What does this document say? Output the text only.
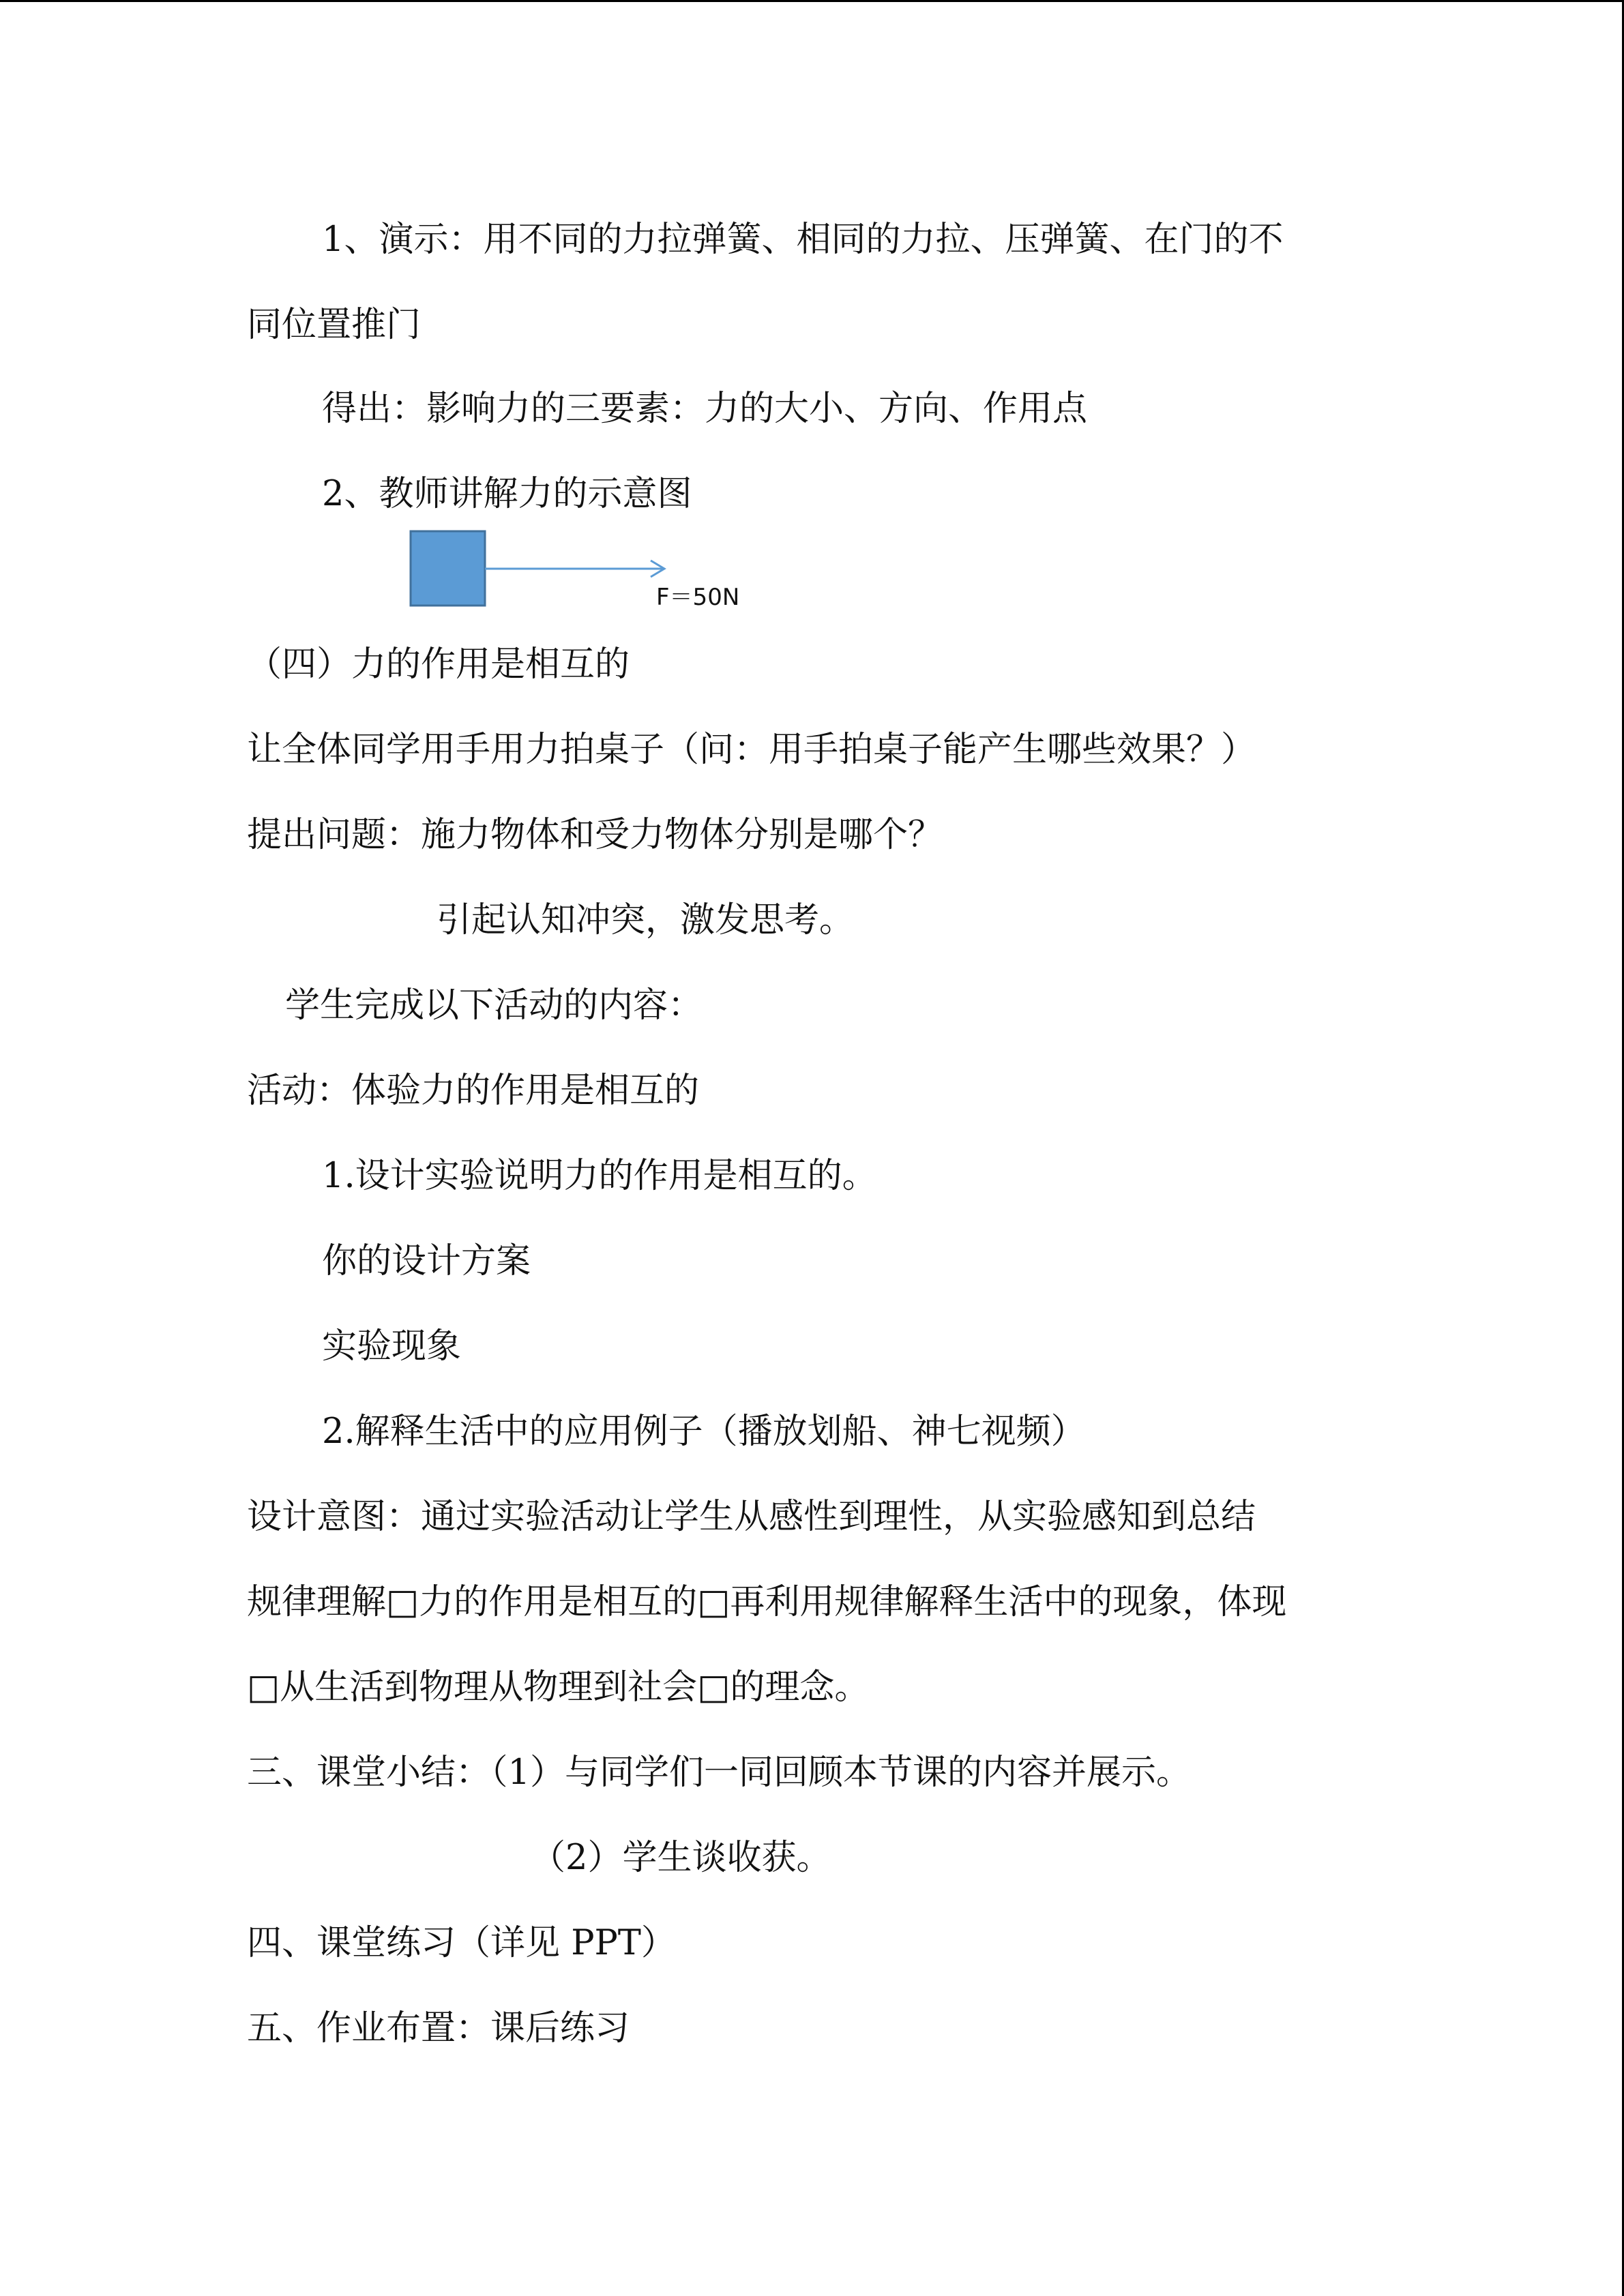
1、演示：用不同的力拉弹簧、相同的力拉、压弹簧、在门的不
同位置推门
得出：影响力的三要素：力的大小、方向、作用点
2、教师讲解力的示意图
F＝50N
（四）力的作用是相互的
让全体同学用手用力拍桌子（问：用手拍桌子能产生哪些效果？）
提出问题：施力物体和受力物体分别是哪个？
引起认知冲突，激发思考。
学生完成以下活动的内容：
活动：体验力的作用是相互的
1.设计实验说明力的作用是相互的。
你的设计方案
实验现象
2.解释生活中的应用例子（播放划船、神七视频）
设计意图：通过实验活动让学生从感性到理性，从实验感知到总结
规律理解□力的作用是相互的□再利用规律解释生活中的现象，体现
□从生活到物理从物理到社会□的理念。
三、课堂小结：（1）与同学们一同回顾本节课的内容并展示。
（2）学生谈收获。
四、课堂练习（详见 PPT）
五、作业布置：课后练习
